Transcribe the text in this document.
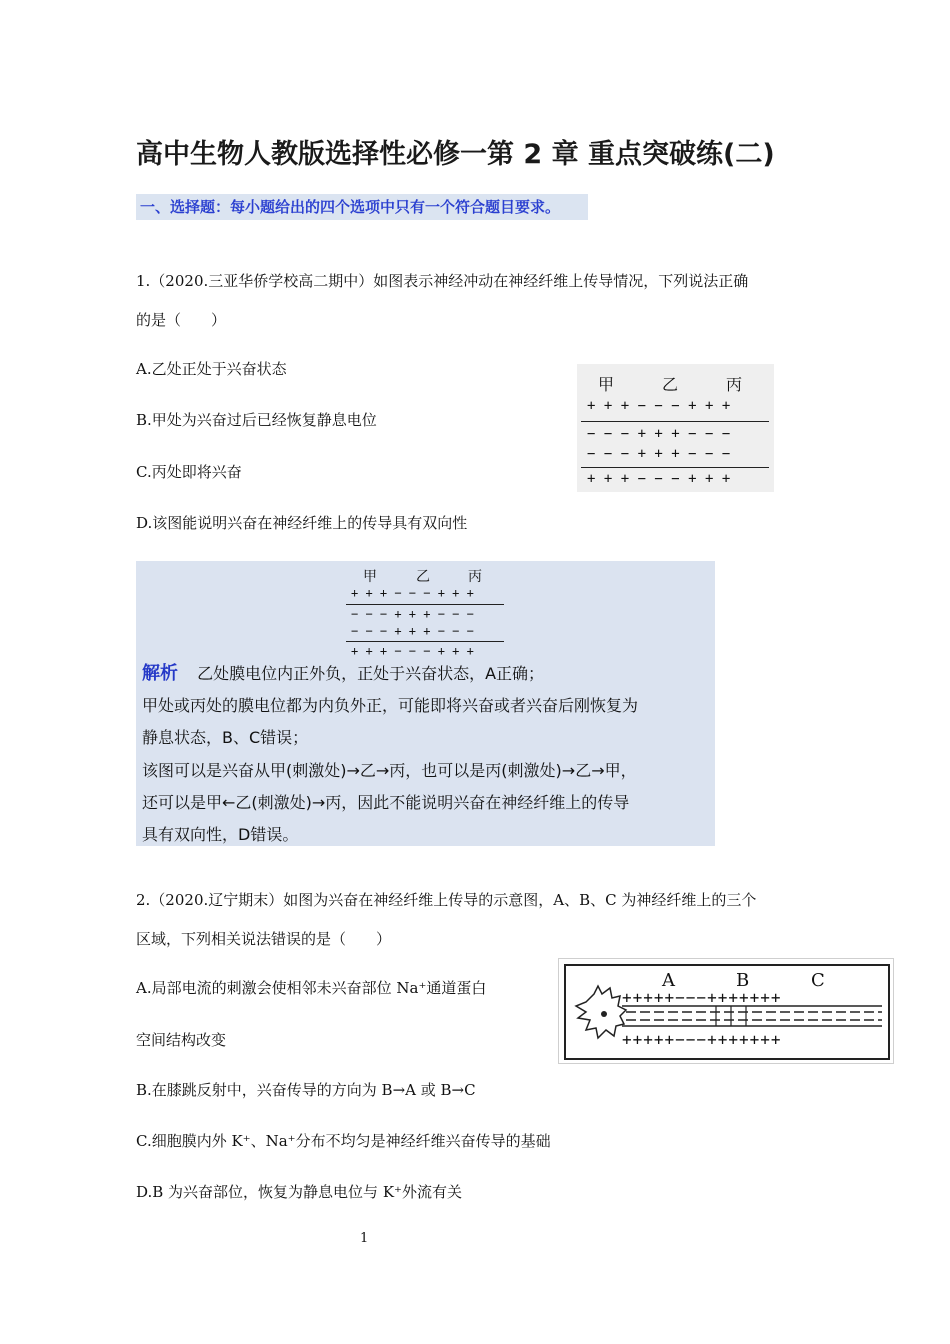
高中生物人教版选择性必修一第 2 章 重点突破练(二)
一、选择题：每小题给出的四个选项中只有一个符合题目要求。
1.（2020.三亚华侨学校高二期中）如图表示神经冲动在神经纤维上传导情况，下列说法正确
的是（　　）
A.乙处正处于兴奋状态
B.甲处为兴奋过后已经恢复静息电位
C.丙处即将兴奋
D.该图能说明兴奋在神经纤维上的传导具有双向性
甲	乙	丙
+ + + − − − + + +
− − − + + + − − −
− − − + + + − − −
+ + + − − − + + +
甲	乙	丙
+ + + − − − + + +
− − − + + + − − −
− − − + + + − − −
+ + + − − − + + +
解析 乙处膜电位内正外负，正处于兴奋状态，A正确；
甲处或丙处的膜电位都为内负外正，可能即将兴奋或者兴奋后刚恢复为
静息状态，B、C错误；
该图可以是兴奋从甲(刺激处)→乙→丙，也可以是丙(刺激处)→乙→甲，
还可以是甲←乙(刺激处)→丙，因此不能说明兴奋在神经纤维上的传导
具有双向性，D错误。
2.（2020.辽宁期末）如图为兴奋在神经纤维上传导的示意图，A、B、C 为神经纤维上的三个
区域，下列相关说法错误的是（　　）
A.局部电流的刺激会使相邻未兴奋部位 Na⁺通道蛋白
空间结构改变
B.在膝跳反射中，兴奋传导的方向为 B→A 或 B→C
C.细胞膜内外 K⁺、Na⁺分布不均匀是神经纤维兴奋传导的基础
D.B 为兴奋部位，恢复为静息电位与 K⁺外流有关
A	B	C
+++++−−−+++++++
+++++−−−+++++++
1
